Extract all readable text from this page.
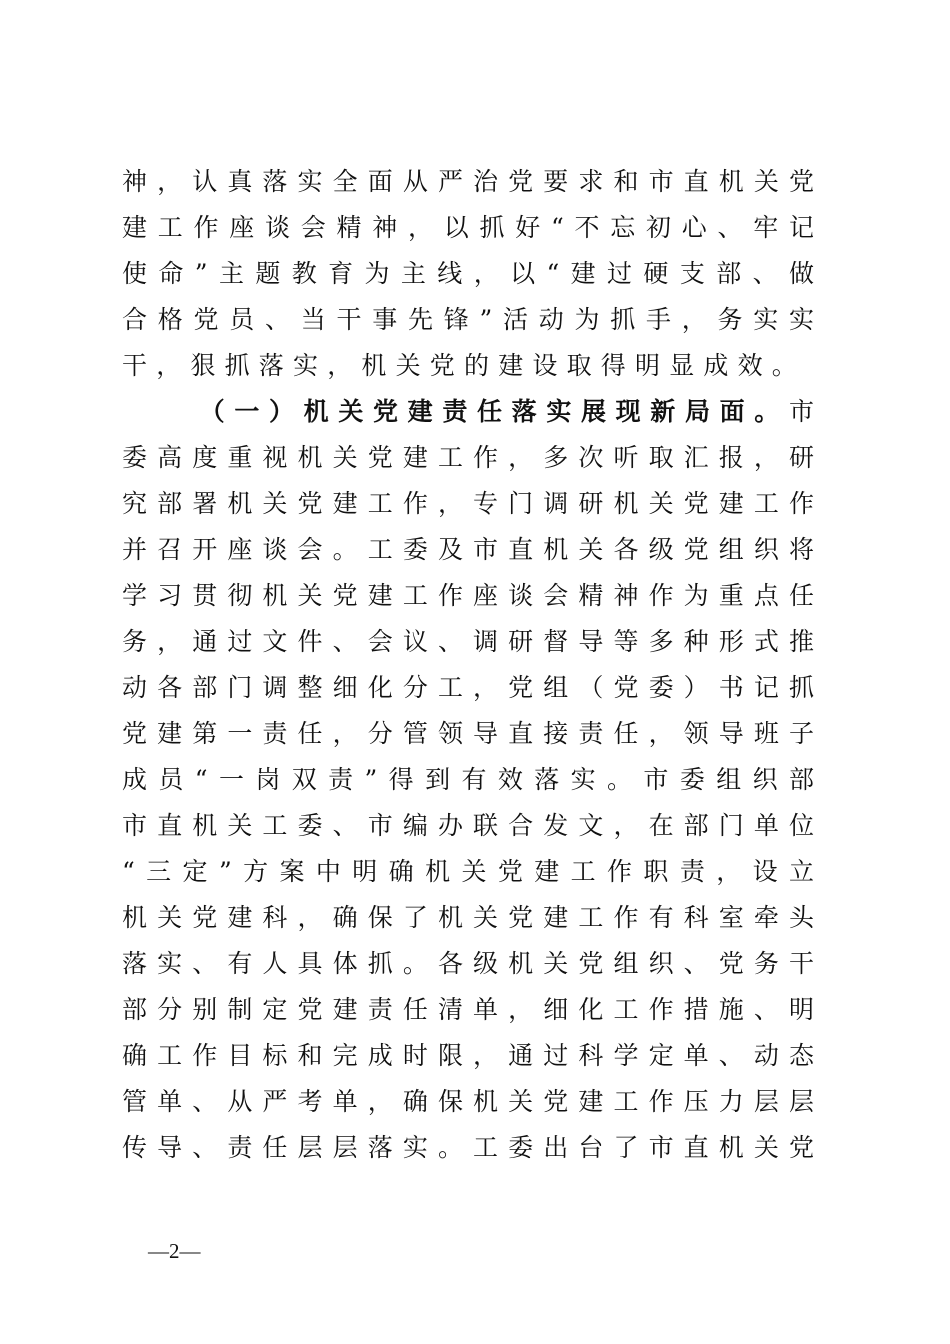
神，认真落实全面从严治党要求和市直机关党
建工作座谈会精神，以抓好“不忘初心、牢记
使命”主题教育为主线，以“建过硬支部、做
合格党员、当干事先锋”活动为抓手，务实实
干，狠抓落实，机关党的建设取得明显成效。
（一）机关党建责任落实展现新局面。市
委高度重视机关党建工作，多次听取汇报，研
究部署机关党建工作，专门调研机关党建工作
并召开座谈会。工委及市直机关各级党组织将
学习贯彻机关党建工作座谈会精神作为重点任
务，通过文件、会议、调研督导等多种形式推
动各部门调整细化分工，党组（党委）书记抓
党建第一责任，分管领导直接责任，领导班子
成员“一岗双责”得到有效落实。市委组织部
市直机关工委、市编办联合发文，在部门单位
“三定”方案中明确机关党建工作职责，设立
机关党建科，确保了机关党建工作有科室牵头
落实、有人具体抓。各级机关党组织、党务干
部分别制定党建责任清单，细化工作措施、明
确工作目标和完成时限，通过科学定单、动态
管单、从严考单，确保机关党建工作压力层层
传导、责任层层落实。工委出台了市直机关党
—2—
